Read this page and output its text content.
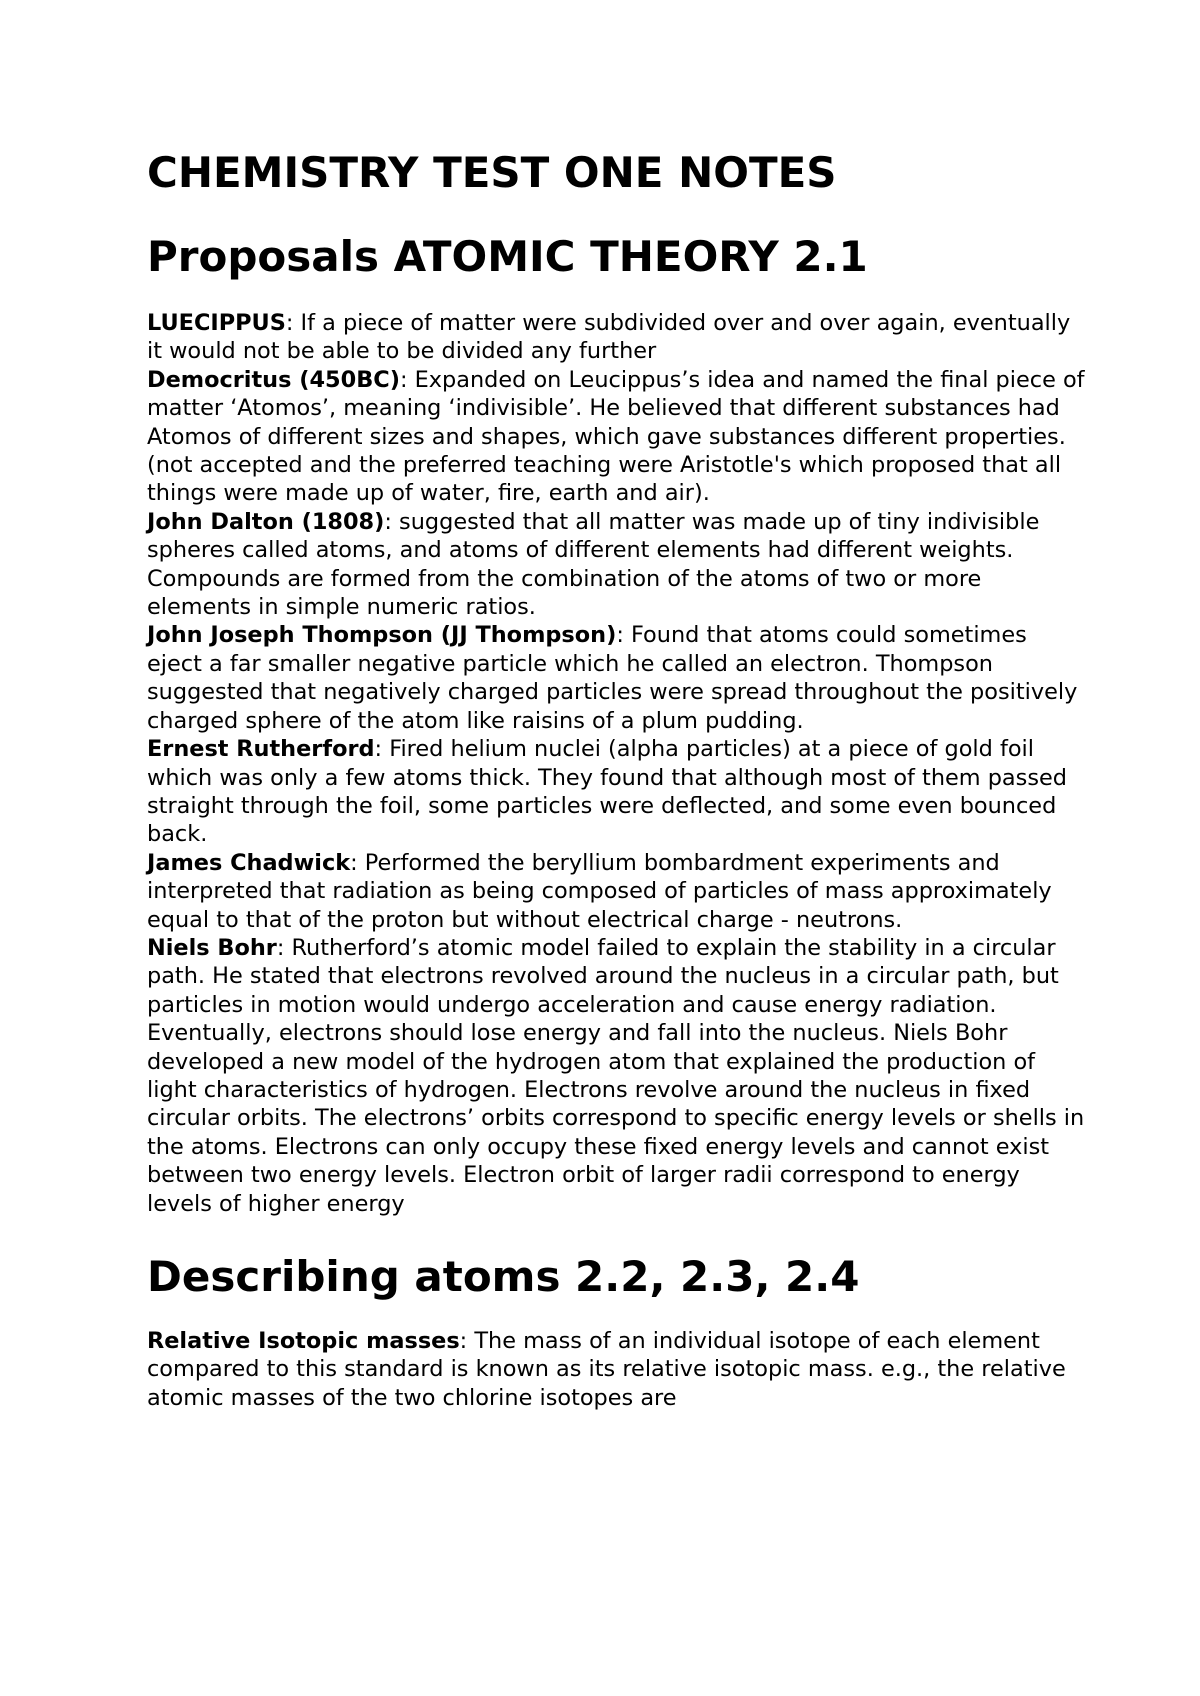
CHEMISTRY TEST ONE NOTES
Proposals ATOMIC THEORY 2.1

LUECIPPUS: If a piece of matter were subdivided over and over again, eventually it would not be able to be divided any further

Democritus (450BC): Expanded on Leucippus’s idea and named the final piece of matter ‘Atomos’, meaning ‘indivisible’. He believed that different substances had Atomos of different sizes and shapes, which gave substances different properties. (not accepted and the preferred teaching were Aristotle's which proposed that all things were made up of water, fire, earth and air).

John Dalton (1808): suggested that all matter was made up of tiny indivisible spheres called atoms, and atoms of different elements had different weights. Compounds are formed from the combination of the atoms of two or more elements in simple numeric ratios.

John Joseph Thompson (JJ Thompson): Found that atoms could sometimes eject a far smaller negative particle which he called an electron. Thompson suggested that negatively charged particles were spread throughout the positively charged sphere of the atom like raisins of a plum pudding.

Ernest Rutherford: Fired helium nuclei (alpha particles) at a piece of gold foil which was only a few atoms thick. They found that although most of them passed straight through the foil, some particles were deflected, and some even bounced back.

James Chadwick: Performed the beryllium bombardment experiments and interpreted that radiation as being composed of particles of mass approximately equal to that of the proton but without electrical charge - neutrons.

Niels Bohr: Rutherford’s atomic model failed to explain the stability in a circular path. He stated that electrons revolved around the nucleus in a circular path, but particles in motion would undergo acceleration and cause energy radiation. Eventually, electrons should lose energy and fall into the nucleus. Niels Bohr developed a new model of the hydrogen atom that explained the production of light characteristics of hydrogen. Electrons revolve around the nucleus in fixed circular orbits. The electrons’ orbits correspond to specific energy levels or shells in the atoms. Electrons can only occupy these fixed energy levels and cannot exist between two energy levels. Electron orbit of larger radii correspond to energy levels of higher energy

Describing atoms 2.2, 2.3, 2.4

Relative Isotopic masses: The mass of an individual isotope of each element compared to this standard is known as its relative isotopic mass. e.g., the relative atomic masses of the two chlorine isotopes are
